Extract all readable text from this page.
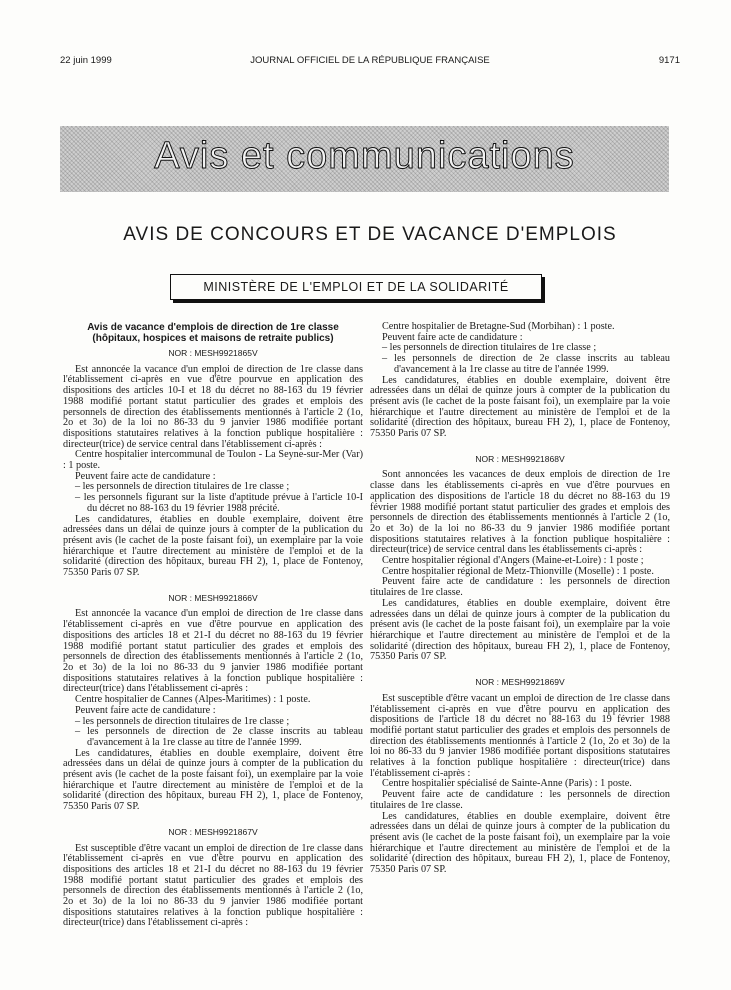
22 juin 1999	JOURNAL OFFICIEL DE LA RÉPUBLIQUE FRANÇAISE	9171
Avis et communications
AVIS DE CONCOURS ET DE VACANCE D'EMPLOIS
MINISTÈRE DE L'EMPLOI ET DE LA SOLIDARITÉ
Avis de vacance d'emplois de direction de 1re classe
(hôpitaux, hospices et maisons de retraite publics)
NOR : MESH9921865V

Est annoncée la vacance d'un emploi de direction de 1re classe dans l'établissement ci-après en vue d'être pourvue en application des dispositions des articles 10-I et 18 du décret no 88-163 du 19 février 1988 modifié portant statut particulier des grades et emplois des personnels de direction des établissements mentionnés à l'article 2 (1o, 2o et 3o) de la loi no 86-33 du 9 janvier 1986 modifiée portant dispositions statutaires relatives à la fonction publique hospitalière : directeur(trice) de service central dans l'établissement ci-après :

Centre hospitalier intercommunal de Toulon - La Seyne-sur-Mer (Var) : 1 poste.

Peuvent faire acte de candidature :

– les personnels de direction titulaires de 1re classe ;
– les personnels figurant sur la liste d'aptitude prévue à l'article 10-I du décret no 88-163 du 19 février 1988 précité.

Les candidatures, établies en double exemplaire, doivent être adressées dans un délai de quinze jours à compter de la publication du présent avis (le cachet de la poste faisant foi), un exemplaire par la voie hiérarchique et l'autre directement au ministère de l'emploi et de la solidarité (direction des hôpitaux, bureau FH 2), 1, place de Fontenoy, 75350 Paris 07 SP.

NOR : MESH9921866V

Est annoncée la vacance d'un emploi de direction de 1re classe dans l'établissement ci-après en vue d'être pourvue en application des dispositions des articles 18 et 21-I du décret no 88-163 du 19 février 1988 modifié portant statut particulier des grades et emplois des personnels de direction des établissements mentionnés à l'article 2 (1o, 2o et 3o) de la loi no 86-33 du 9 janvier 1986 modifiée portant dispositions statutaires relatives à la fonction publique hospitalière : directeur(trice) dans l'établissement ci-après :

Centre hospitalier de Cannes (Alpes-Maritimes) : 1 poste.

Peuvent faire acte de candidature :

– les personnels de direction titulaires de 1re classe ;
– les personnels de direction de 2e classe inscrits au tableau d'avancement à la 1re classe au titre de l'année 1999.

Les candidatures, établies en double exemplaire, doivent être adressées dans un délai de quinze jours à compter de la publication du présent avis (le cachet de la poste faisant foi), un exemplaire par la voie hiérarchique et l'autre directement au ministère de l'emploi et de la solidarité (direction des hôpitaux, bureau FH 2), 1, place de Fontenoy, 75350 Paris 07 SP.

NOR : MESH9921867V

Est susceptible d'être vacant un emploi de direction de 1re classe dans l'établissement ci-après en vue d'être pourvu en application des dispositions des articles 18 et 21-I du décret no 88-163 du 19 février 1988 modifié portant statut particulier des grades et emplois des personnels de direction des établissements mentionnés à l'article 2 (1o, 2o et 3o) de la loi no 86-33 du 9 janvier 1986 modifiée portant dispositions statutaires relatives à la fonction publique hospitalière : directeur(trice) dans l'établissement ci-après :

Centre hospitalier de Bretagne-Sud (Morbihan) : 1 poste.

Peuvent faire acte de candidature :

– les personnels de direction titulaires de 1re classe ;
– les personnels de direction de 2e classe inscrits au tableau d'avancement à la 1re classe au titre de l'année 1999.

Les candidatures, établies en double exemplaire, doivent être adressées dans un délai de quinze jours à compter de la publication du présent avis (le cachet de la poste faisant foi), un exemplaire par la voie hiérarchique et l'autre directement au ministère de l'emploi et de la solidarité (direction des hôpitaux, bureau FH 2), 1, place de Fontenoy, 75350 Paris 07 SP.

NOR : MESH9921868V

Sont annoncées les vacances de deux emplois de direction de 1re classe dans les établissements ci-après en vue d'être pourvues en application des dispositions de l'article 18 du décret no 88-163 du 19 février 1988 modifié portant statut particulier des grades et emplois des personnels de direction des établissements mentionnés à l'article 2 (1o, 2o et 3o) de la loi no 86-33 du 9 janvier 1986 modifiée portant dispositions statutaires relatives à la fonction publique hospitalière : directeur(trice) de service central dans les établissements ci-après :

Centre hospitalier régional d'Angers (Maine-et-Loire) : 1 poste ;

Centre hospitalier régional de Metz-Thionville (Moselle) : 1 poste.

Peuvent faire acte de candidature : les personnels de direction titulaires de 1re classe.

Les candidatures, établies en double exemplaire, doivent être adressées dans un délai de quinze jours à compter de la publication du présent avis (le cachet de la poste faisant foi), un exemplaire par la voie hiérarchique et l'autre directement au ministère de l'emploi et de la solidarité (direction des hôpitaux, bureau FH 2), 1, place de Fontenoy, 75350 Paris 07 SP.

NOR : MESH9921869V

Est susceptible d'être vacant un emploi de direction de 1re classe dans l'établissement ci-après en vue d'être pourvu en application des dispositions de l'article 18 du décret no 88-163 du 19 février 1988 modifié portant statut particulier des grades et emplois des personnels de direction des établissements mentionnés à l'article 2 (1o, 2o et 3o) de la loi no 86-33 du 9 janvier 1986 modifiée portant dispositions statutaires relatives à la fonction publique hospitalière : directeur(trice) dans l'établissement ci-après :

Centre hospitalier spécialisé de Sainte-Anne (Paris) : 1 poste.

Peuvent faire acte de candidature : les personnels de direction titulaires de 1re classe.

Les candidatures, établies en double exemplaire, doivent être adressées dans un délai de quinze jours à compter de la publication du présent avis (le cachet de la poste faisant foi), un exemplaire par la voie hiérarchique et l'autre directement au ministère de l'emploi et de la solidarité (direction des hôpitaux, bureau FH 2), 1, place de Fontenoy, 75350 Paris 07 SP.
